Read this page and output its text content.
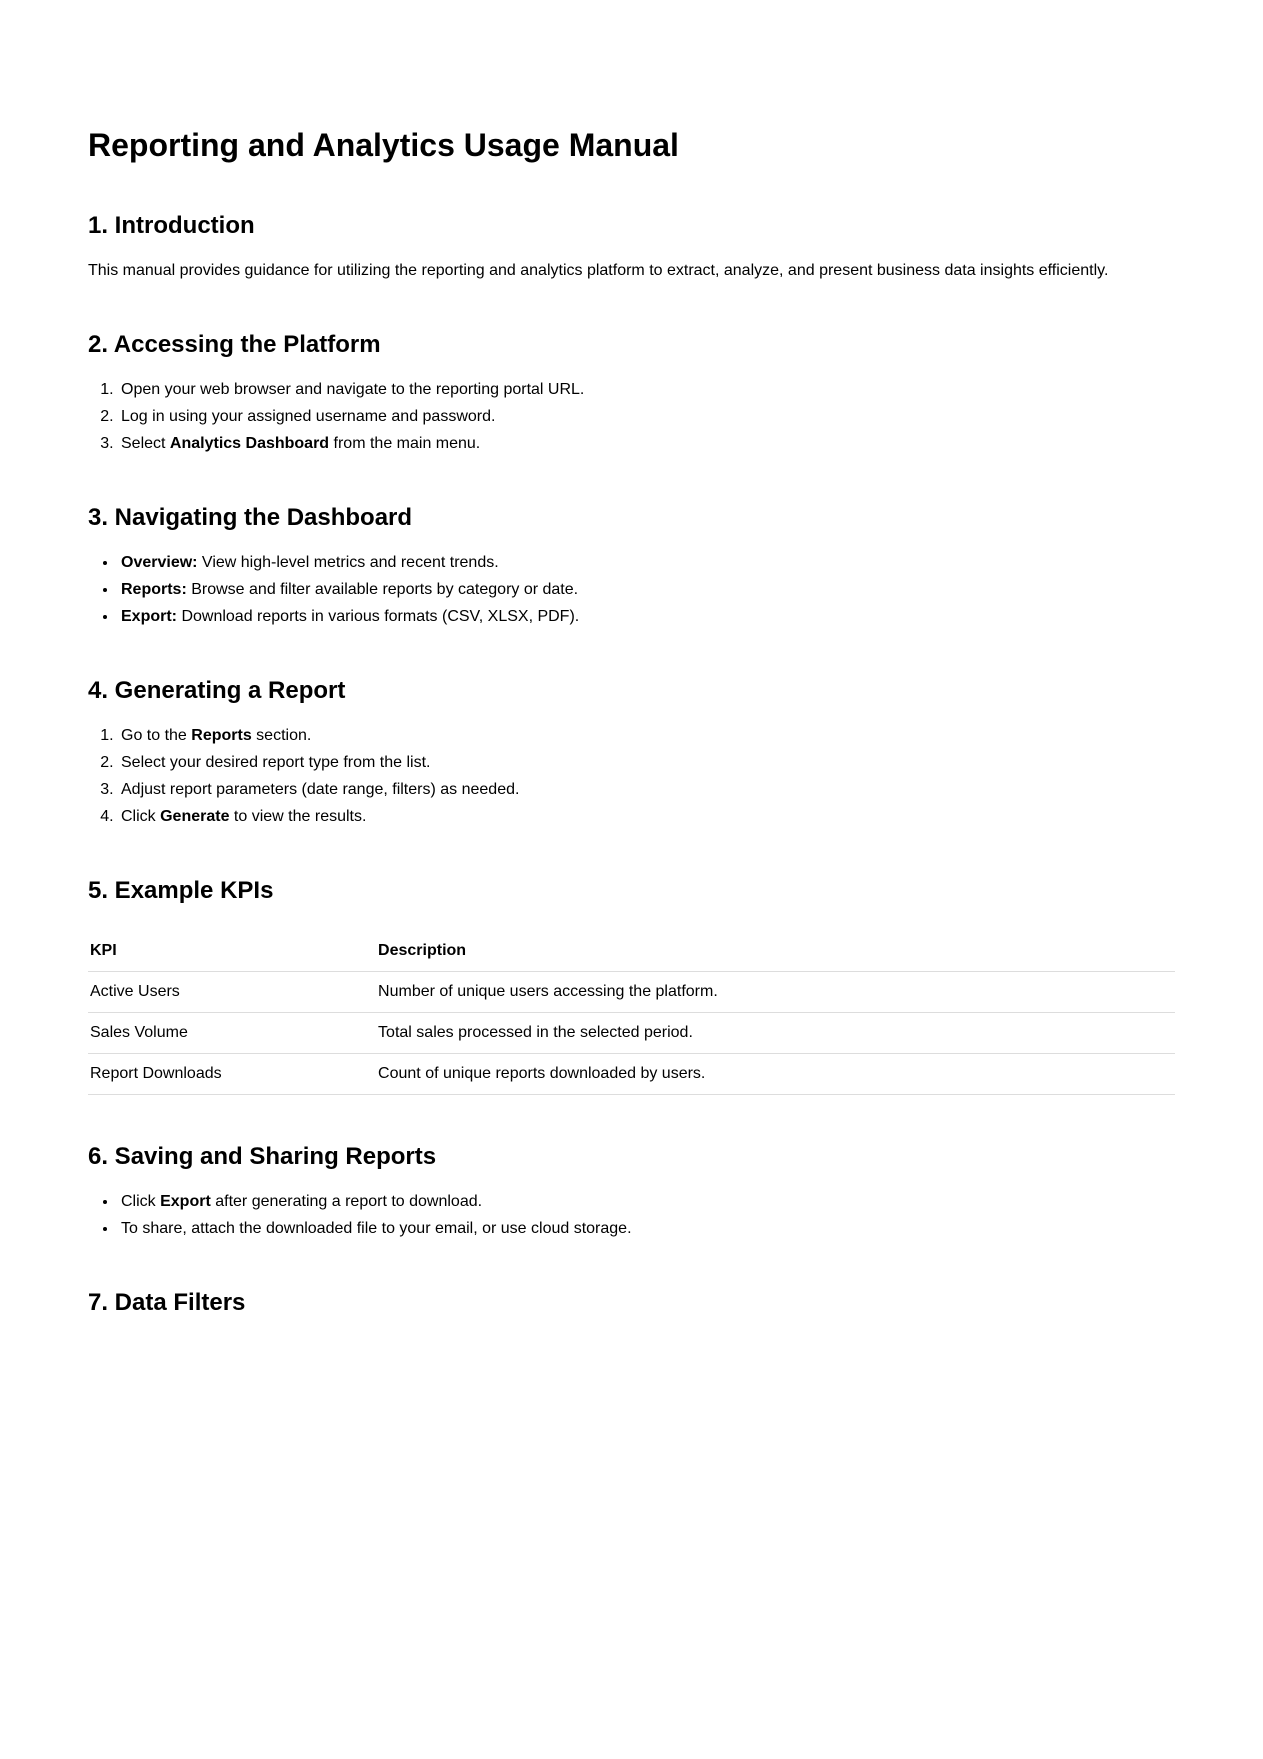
Reporting and Analytics Usage Manual
1. Introduction

This manual provides guidance for utilizing the reporting and analytics platform to extract, analyze, and present business data insights efficiently.

2. Accessing the Platform
1. Open your web browser and navigate to the reporting portal URL.
2. Log in using your assigned username and password.
3. Select Analytics Dashboard from the main menu.
3. Navigating the Dashboard
• Overview: View high-level metrics and recent trends.
• Reports: Browse and filter available reports by category or date.
• Export: Download reports in various formats (CSV, XLSX, PDF).
4. Generating a Report
1. Go to the Reports section.
2. Select your desired report type from the list.
3. Adjust report parameters (date range, filters) as needed.
4. Click Generate to view the results.
5. Example KPIs
KPI	Description
Active Users	Number of unique users accessing the platform.
Sales Volume	Total sales processed in the selected period.
Report Downloads	Count of unique reports downloaded by users.
6. Saving and Sharing Reports
• Click Export after generating a report to download.
• To share, attach the downloaded file to your email, or use cloud storage.
7. Data Filters
